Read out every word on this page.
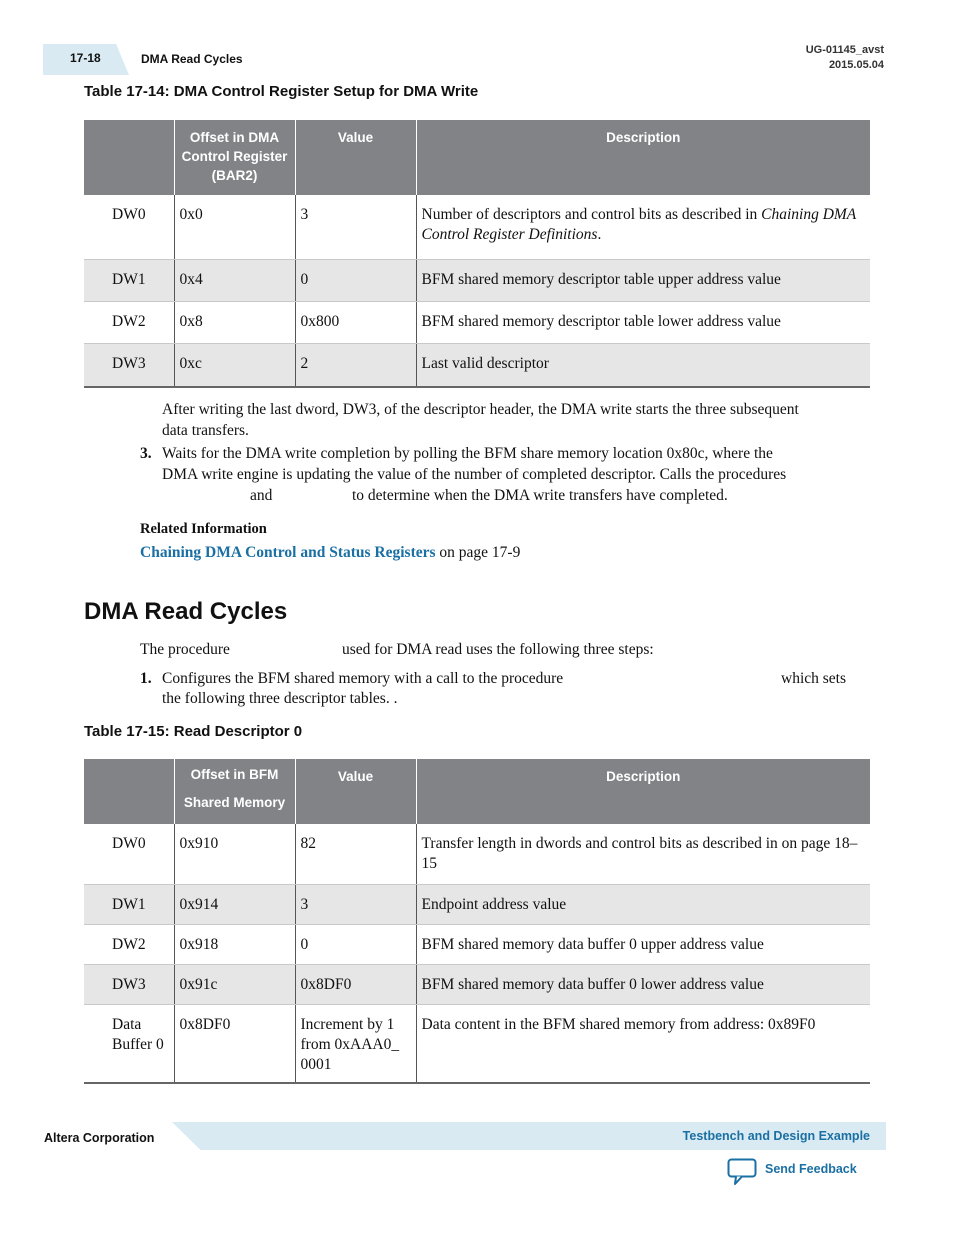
17-18	DMA Read Cycles
UG-01145_avst
2015.05.04
Table 17-14: DMA Control Register Setup for DMA Write
	Offset in DMA Control Register (BAR2)	Value	Description
DW0	0x0	3	Number of descriptors and control bits as described in Chaining DMA Control Register Definitions.
DW1	0x4	0	BFM shared memory descriptor table upper address value
DW2	0x8	0x800	BFM shared memory descriptor table lower address value
DW3	0xc	2	Last valid descriptor
After writing the last dword, DW3, of the descriptor header, the DMA write starts the three subsequent data transfers.
3. Waits for the DMA write completion by polling the BFM share memory location 0x80c, where the
DMA write engine is updating the value of the number of completed descriptor. Calls the procedures
and	to determine when the DMA write transfers have completed.
Related Information
Chaining DMA Control and Status Registers on page 17-9
DMA Read Cycles
The procedure	used for DMA read uses the following three steps:
1. Configures the BFM shared memory with a call to the procedure	which sets
the following three descriptor tables. .
Table 17-15: Read Descriptor 0
	Offset in BFM Shared Memory	Value	Description
DW0	0x910	82	Transfer length in dwords and control bits as described in on page 18–15
DW1	0x914	3	Endpoint address value
DW2	0x918	0	BFM shared memory data buffer 0 upper address value
DW3	0x91c	0x8DF0	BFM shared memory data buffer 0 lower address value
Data Buffer 0	0x8DF0	Increment by 1 from 0xAAA0_ 0001	Data content in the BFM shared memory from address: 0x89F0
Altera Corporation	Testbench and Design Example
Send Feedback
